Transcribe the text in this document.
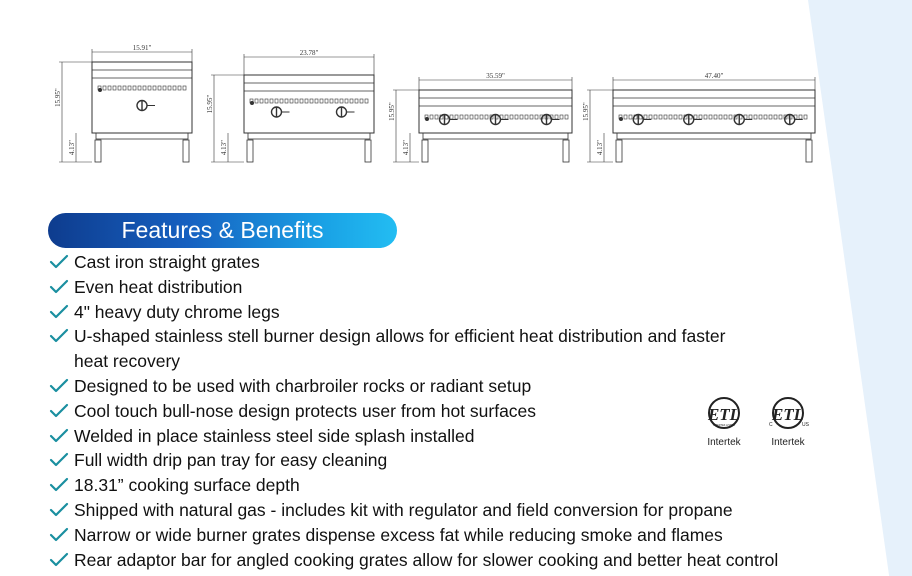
15.91"
15.95"
4.13"
23.78"
15.95"
4.13"
35.59"
15.95"
4.13"
47.40"
15.95"
4.13"
Features & Benefits
Cast iron straight grates
Even heat distribution
4" heavy duty chrome legs
U-shaped stainless stell burner design allows for efficient heat distribution and faster
heat recovery
Designed to be used with charbroiler rocks or radiant setup
Cool touch bull-nose design protects user from hot surfaces
Welded in place stainless steel side splash installed
Full width drip pan tray for easy cleaning
18.31” cooking surface depth
Shipped with natural gas - includes kit with regulator and field conversion for propane
Narrow or wide burner grates dispense excess fat while reducing smoke and flames
Rear adaptor bar for angled cooking grates allow for slower cooking and better heat control
ETL
INTERTEK LISTED
Intertek
ETL
C	US
Intertek
